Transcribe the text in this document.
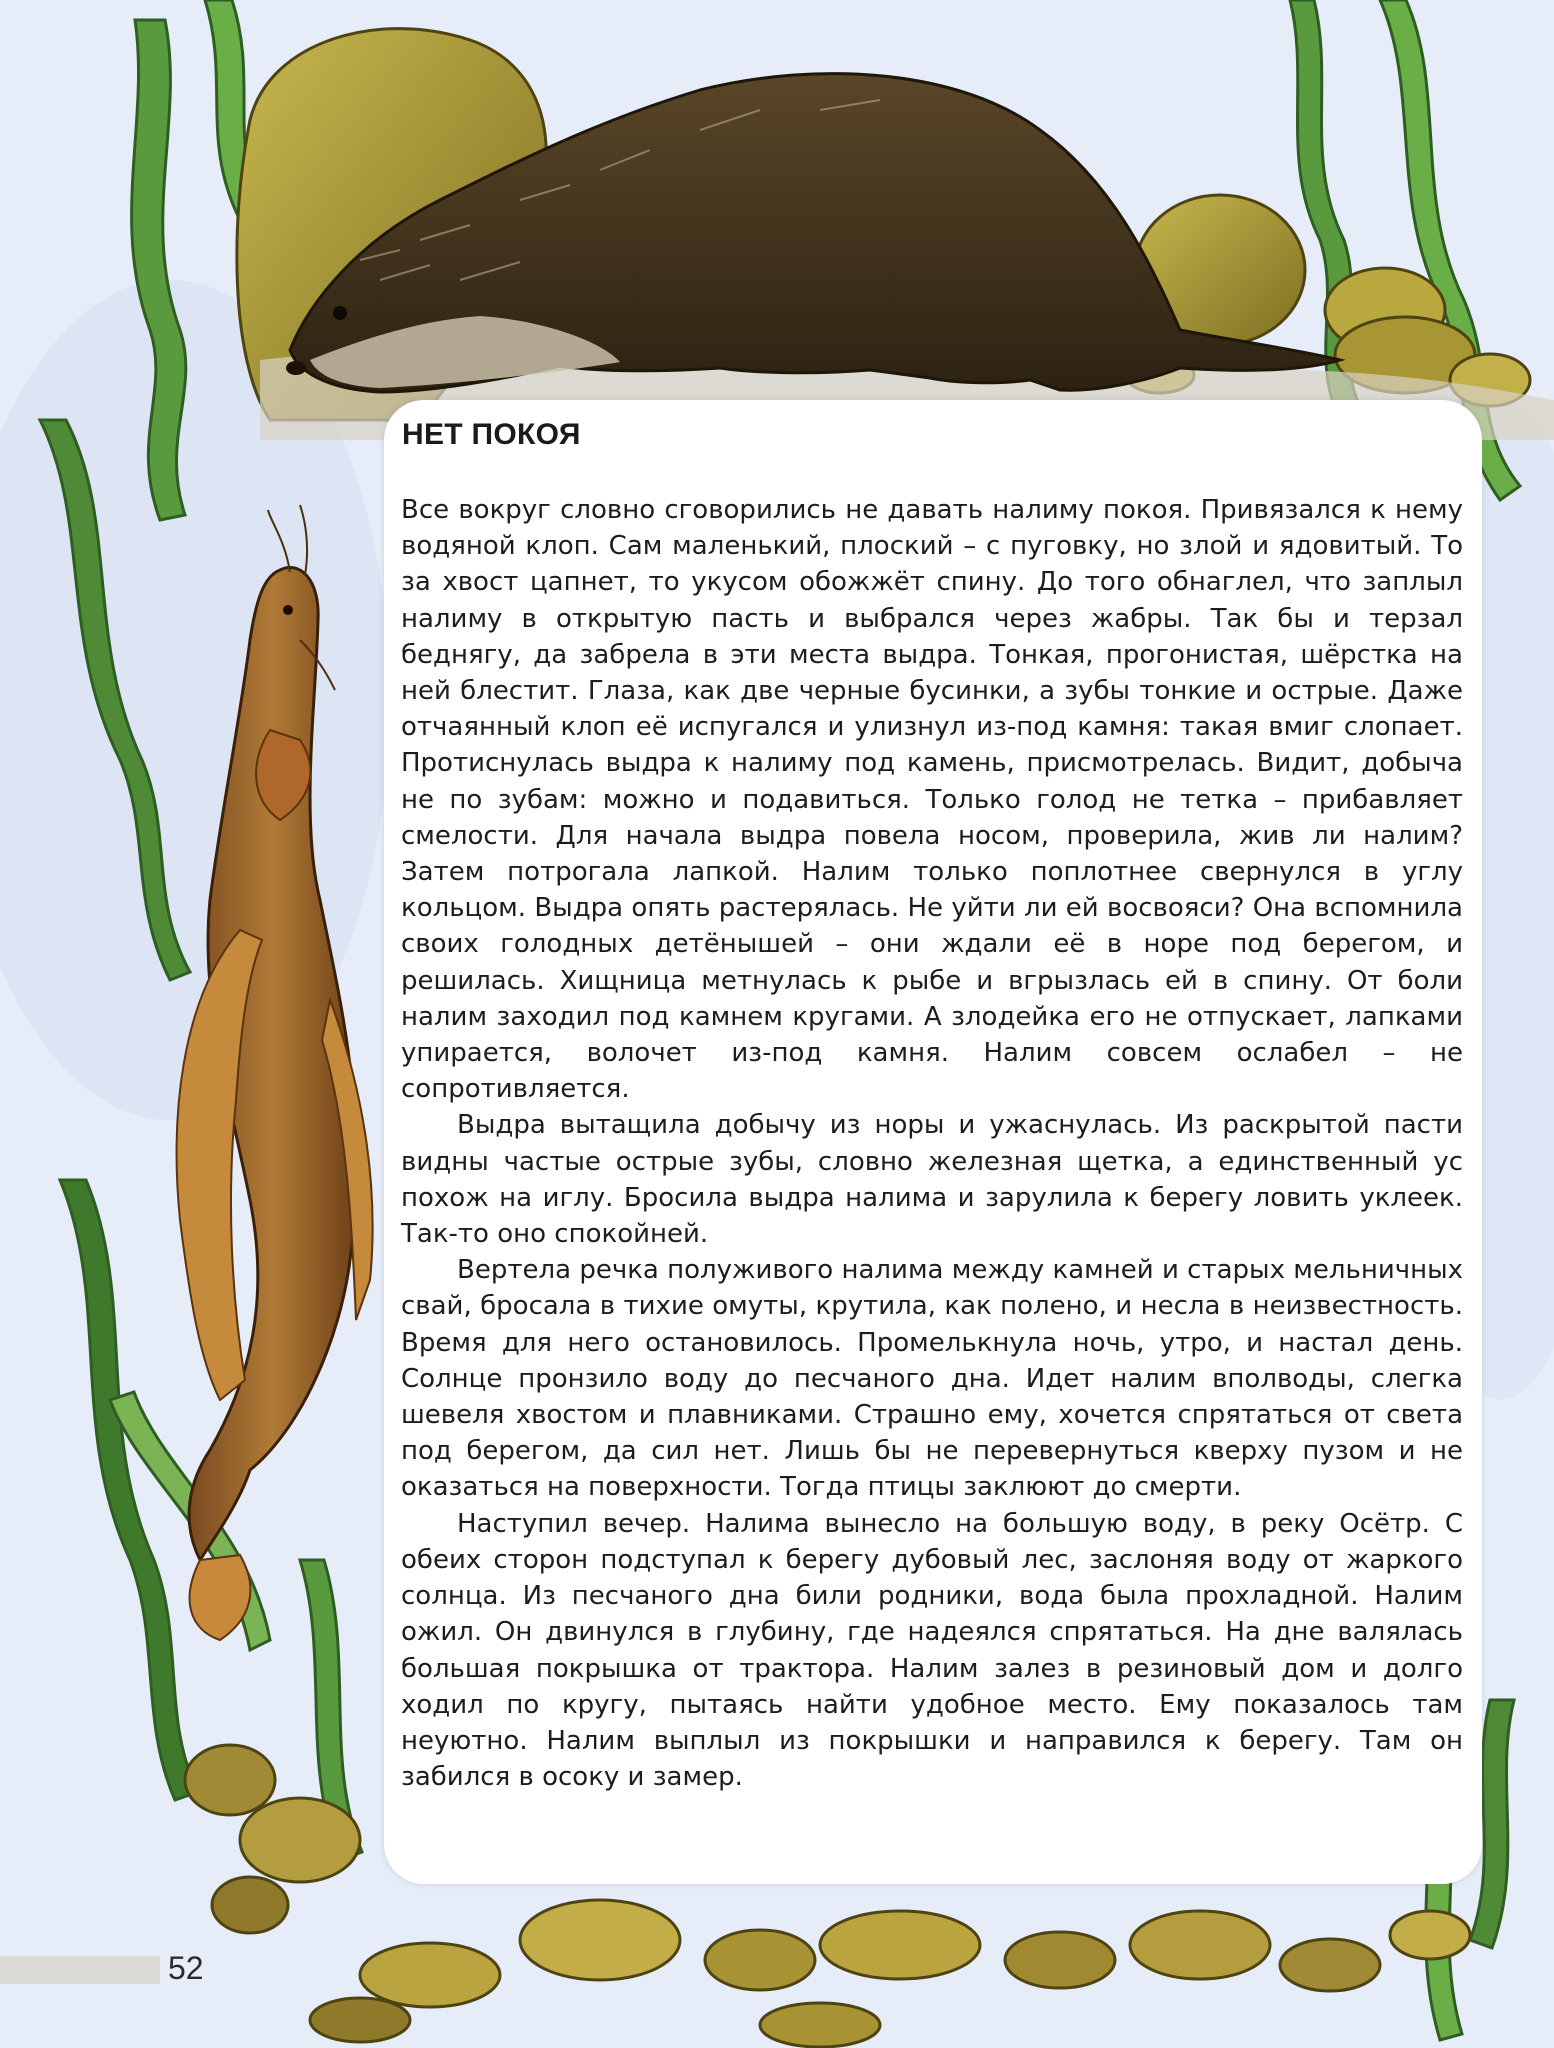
НЕТ ПОКОЯ

Все вокруг словно сговорились не давать налиму покоя. Привязался к нему водяной клоп. Сам маленький, плоский – с пуговку, но злой и ядовитый. То за хвост цапнет, то укусом обожжёт спину. До того обнаглел, что заплыл налиму в открытую пасть и выбрался через жабры. Так бы и терзал беднягу, да забрела в эти места выдра. Тонкая, прогонистая, шёрстка на ней блестит. Глаза, как две черные бусинки, а зубы тонкие и острые. Даже отчаянный клоп её испугался и улизнул из-под камня: такая вмиг слопает. Протиснулась выдра к налиму под камень, присмотрелась. Видит, добыча не по зубам: можно и подавиться. Только голод не тетка – прибавляет смелости. Для начала выдра повела носом, проверила, жив ли налим? Затем потрогала лапкой. Налим только поплотнее свернулся в углу кольцом. Выдра опять растерялась. Не уйти ли ей восвояси? Она вспомнила своих голодных детёнышей – они ждали её в норе под берегом, и решилась. Хищница метнулась к рыбе и вгрызлась ей в спину. От боли налим заходил под камнем кругами. А злодейка его не отпускает, лапками упирается, волочет из-под камня. Налим совсем ослабел – не сопротивляется.

Выдра вытащила добычу из норы и ужаснулась. Из раскрытой пасти видны частые острые зубы, словно железная щетка, а единственный ус похож на иглу. Бросила выдра налима и зарулила к берегу ловить уклеек. Так-то оно спокойней.

Вертела речка полуживого налима между камней и старых мельничных свай, бросала в тихие омуты, крутила, как полено, и несла в неизвестность. Время для него остановилось. Промелькнула ночь, утро, и настал день. Солнце пронзило воду до песчаного дна. Идет налим вполводы, слегка шевеля хвостом и плавниками. Страшно ему, хочется спрятаться от света под берегом, да сил нет. Лишь бы не перевернуться кверху пузом и не оказаться на поверхности. Тогда птицы заклюют до смерти.

Наступил вечер. Налима вынесло на большую воду, в реку Осётр. С обеих сторон подступал к берегу дубовый лес, заслоняя воду от жаркого солнца. Из песчаного дна били родники, вода была прохладной. Налим ожил. Он двинулся в глубину, где надеялся спрятаться. На дне валялась большая покрышка от трактора. Налим залез в резиновый дом и долго ходил по кругу, пытаясь найти удобное место. Ему показалось там неуютно. Налим выплыл из покрышки и направился к берегу. Там он забился в осоку и замер.

52
